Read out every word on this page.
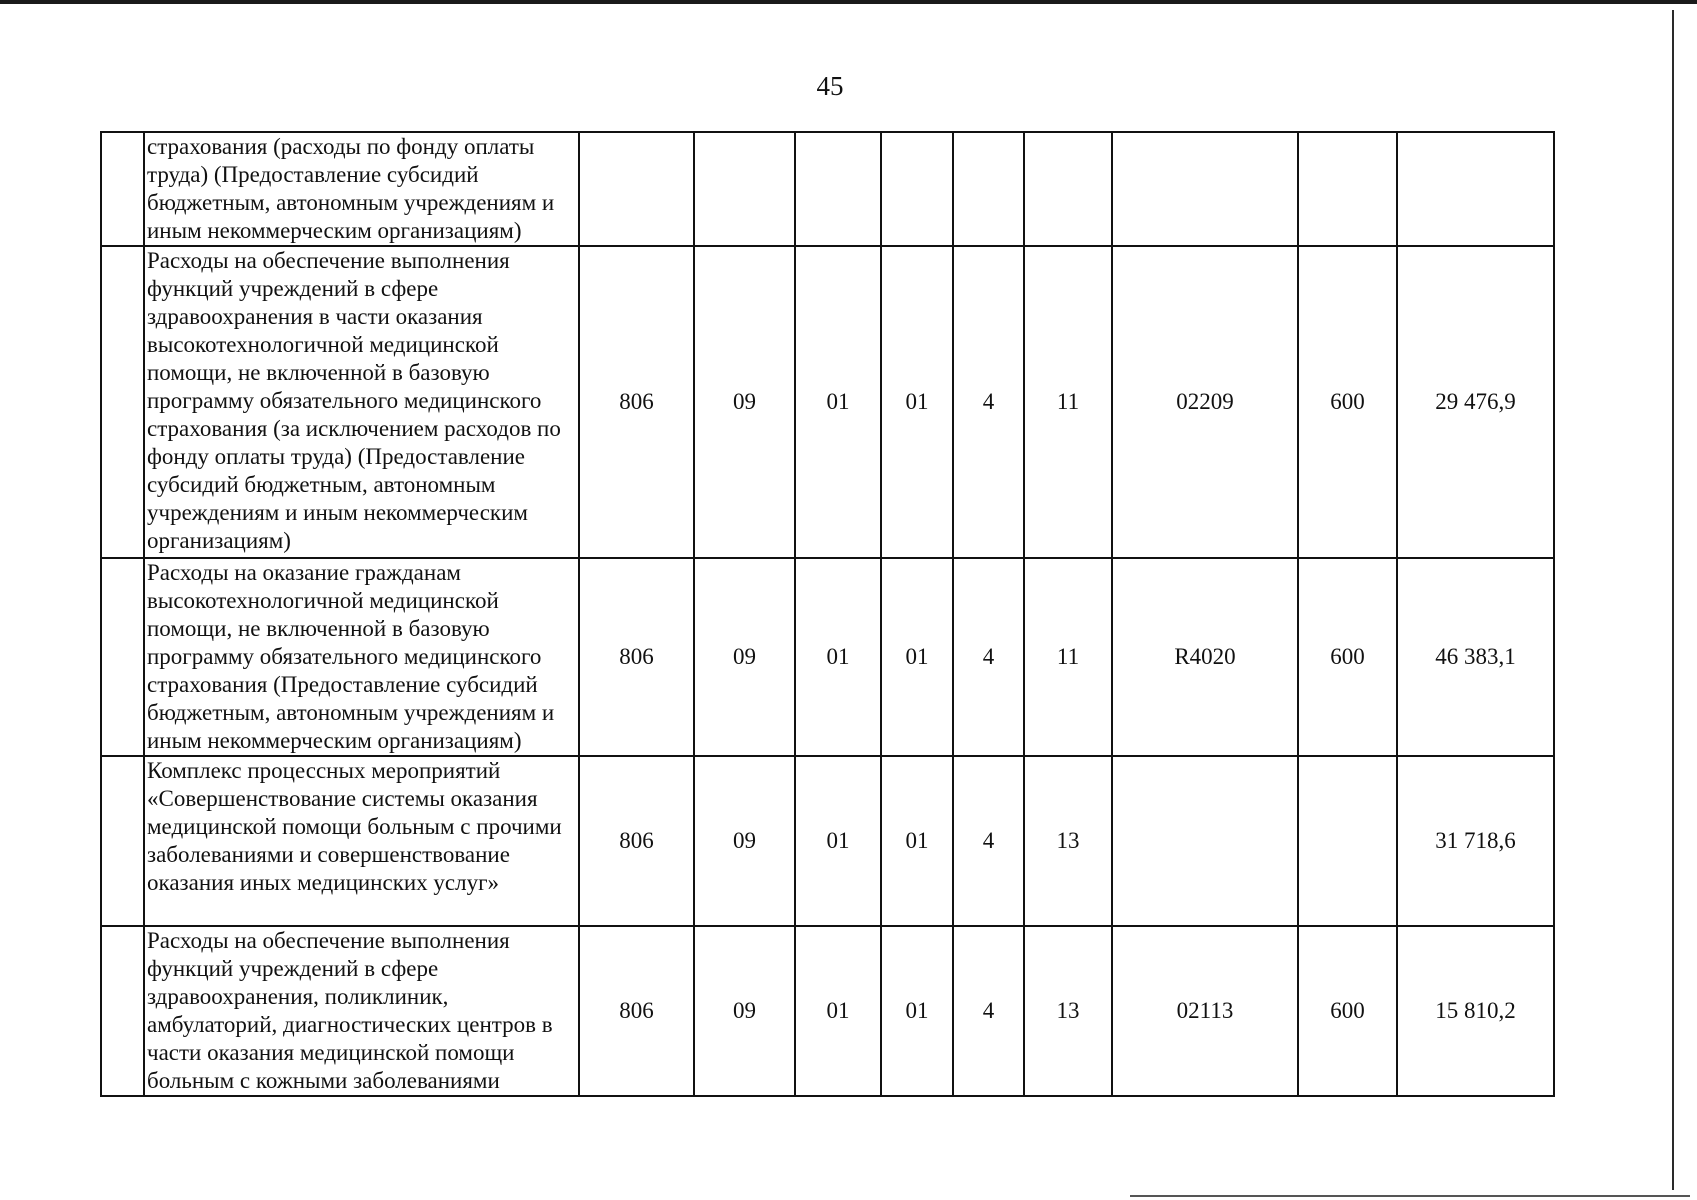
45
	страхования (расходы по фонду оплаты труда) (Предоставление субсидий бюджетным, автономным учреждениям и иным некоммерческим организациям)									
	Расходы на обеспечение выполнения функций учреждений в сфере здравоохранения в части оказания высокотехнологичной медицинской помощи, не включенной в базовую программу обязательного медицинского страхования (за исключением расходов по фонду оплаты труда) (Предоставление субсидий бюджетным, автономным учреждениям и иным некоммерческим организациям)	806	09	01	01	4	11	02209	600	29 476,9
	Расходы на оказание гражданам высокотехнологичной медицинской помощи, не включенной в базовую программу обязательного медицинского страхования (Предоставление субсидий бюджетным, автономным учреждениям и иным некоммерческим организациям)	806	09	01	01	4	11	R4020	600	46 383,1
	Комплекс процессных мероприятий «Совершенствование системы оказания медицинской помощи больным с прочими заболеваниями и совершенствование оказания иных медицинских услуг»	806	09	01	01	4	13			31 718,6
	Расходы на обеспечение выполнения функций учреждений в сфере здравоохранения, поликлиник, амбулаторий, диагностических центров в части оказания медицинской помощи больным с кожными заболеваниями	806	09	01	01	4	13	02113	600	15 810,2
